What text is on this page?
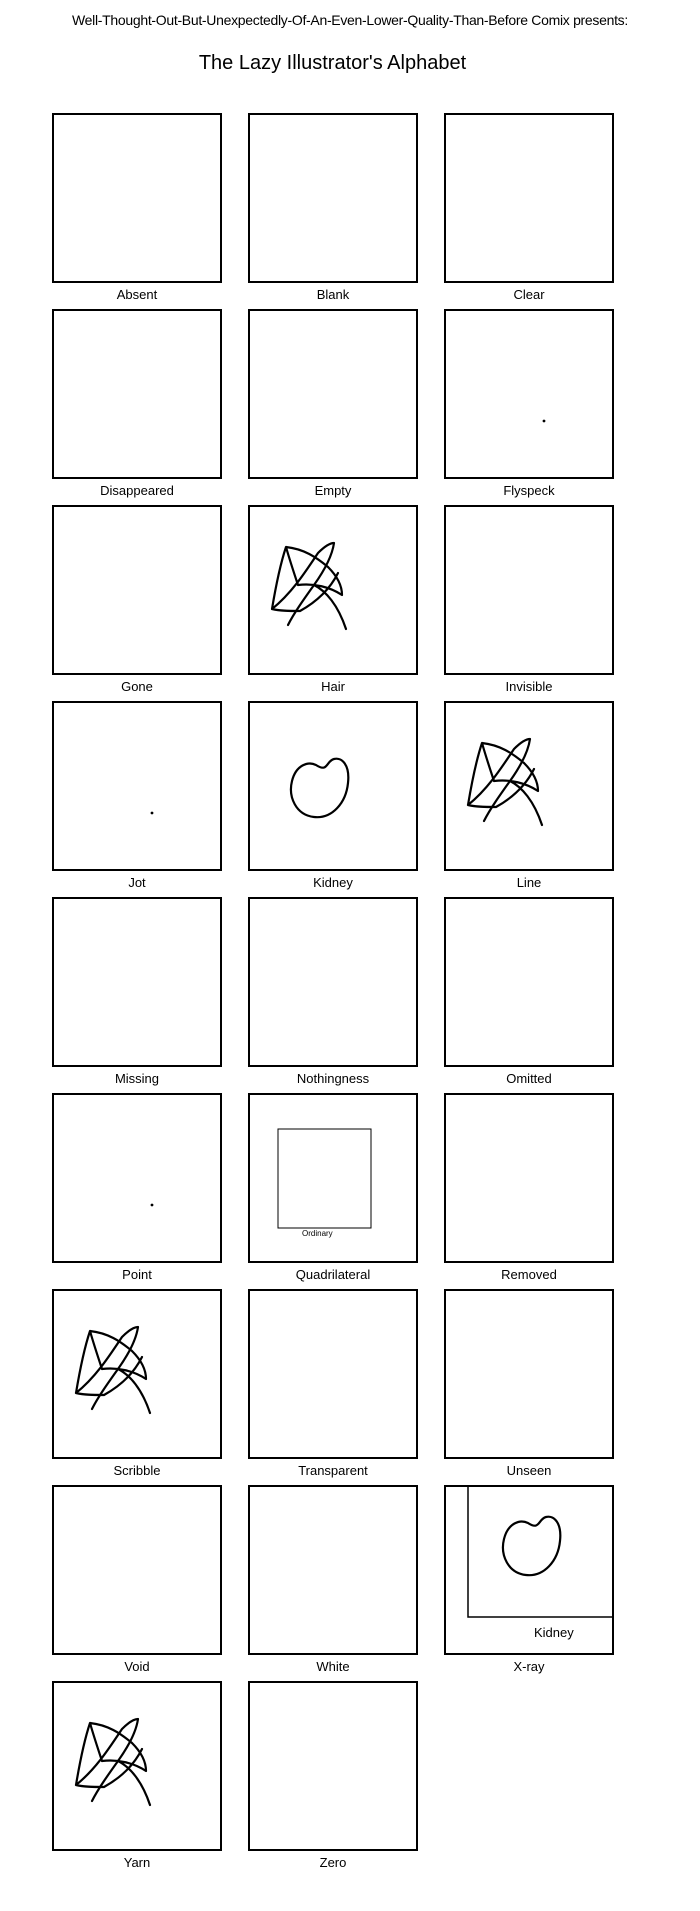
Well-Thought-Out-But-Unexpectedly-Of-An-Even-Lower-Quality-Than-Before Comix presents:
The Lazy Illustrator's Alphabet
Absent	Blank	Clear
Disappeared	Empty	Flyspeck
Gone	Hair	Invisible
Jot	Kidney	Line
Missing	Nothingness	Omitted
Point
Ordinary
Quadrilateral	Removed
Scribble	Transparent	Unseen
Void	White
Kidney
X-ray
Yarn	Zero
